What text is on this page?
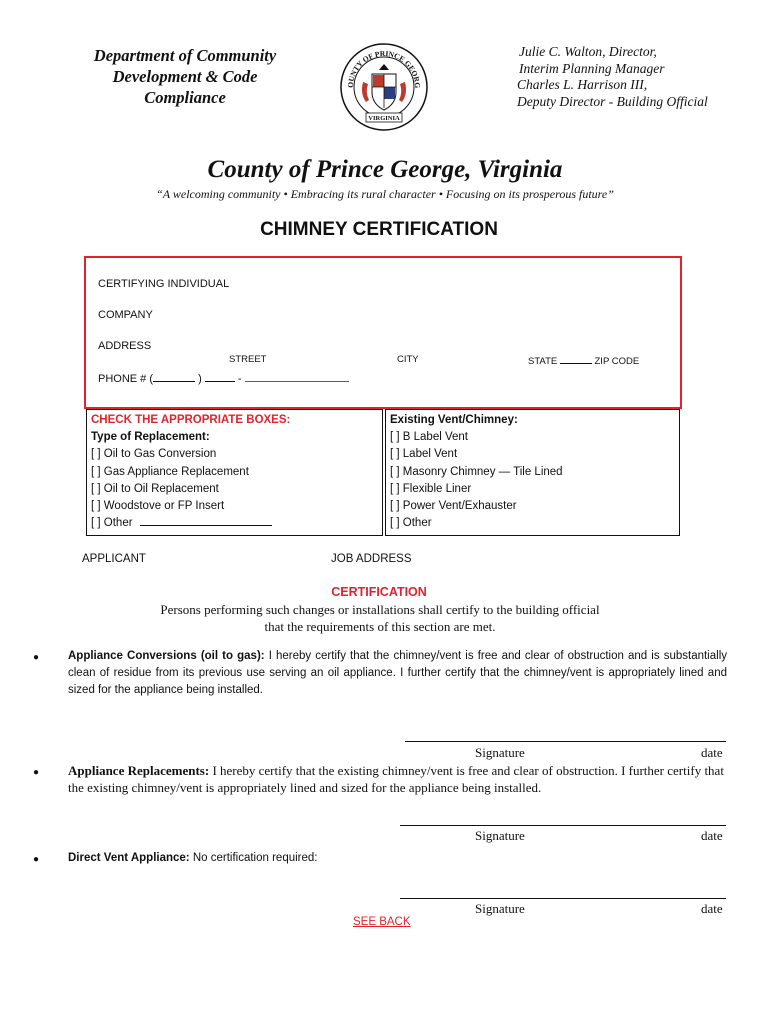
Department of Community
Development & Code
Compliance
OUNTY OF PRINCE GEORG
VIRGINIA
Julie C. Walton, Director,
Interim Planning Manager
Charles L. Harrison III,
Deputy Director - Building Official
County of Prince George, Virginia
“A welcoming community • Embracing its rural character • Focusing on its prosperous future”
CHIMNEY CERTIFICATION
CERTIFYING INDIVIDUAL
COMPANY
ADDRESS
STREET	CITY	STATE	ZIP CODE
PHONE # (	)	-
CHECK THE APPROPRIATE BOXES:
Type of Replacement:
[ ] Oil to Gas Conversion
[ ] Gas Appliance Replacement
[ ] Oil to Oil Replacement
[ ] Woodstove or FP Insert
[ ] Other
Existing Vent/Chimney:
[ ] B Label Vent
[ ] Label Vent
[ ] Masonry Chimney — Tile Lined
[ ] Flexible Liner
[ ] Power Vent/Exhauster
[ ] Other
APPLICANT	JOB ADDRESS
CERTIFICATION
Persons performing such changes or installations shall certify to the building official
that the requirements of this section are met.
●	Appliance Conversions (oil to gas): I hereby certify that the chimney/vent is free and clear of obstruction and is substantially clean of residue from its previous use serving an oil appliance. I further certify that the chimney/vent is appropriately lined and sized for the appliance being installed.
Signature	date
● Appliance Replacements: I hereby certify that the existing chimney/vent is free and clear of obstruction. I further certify that the existing chimney/vent is appropriately lined and sized for the appliance being installed.
Signature	date
●	Direct Vent Appliance: No certification required:
Signature	date
SEE BACK
